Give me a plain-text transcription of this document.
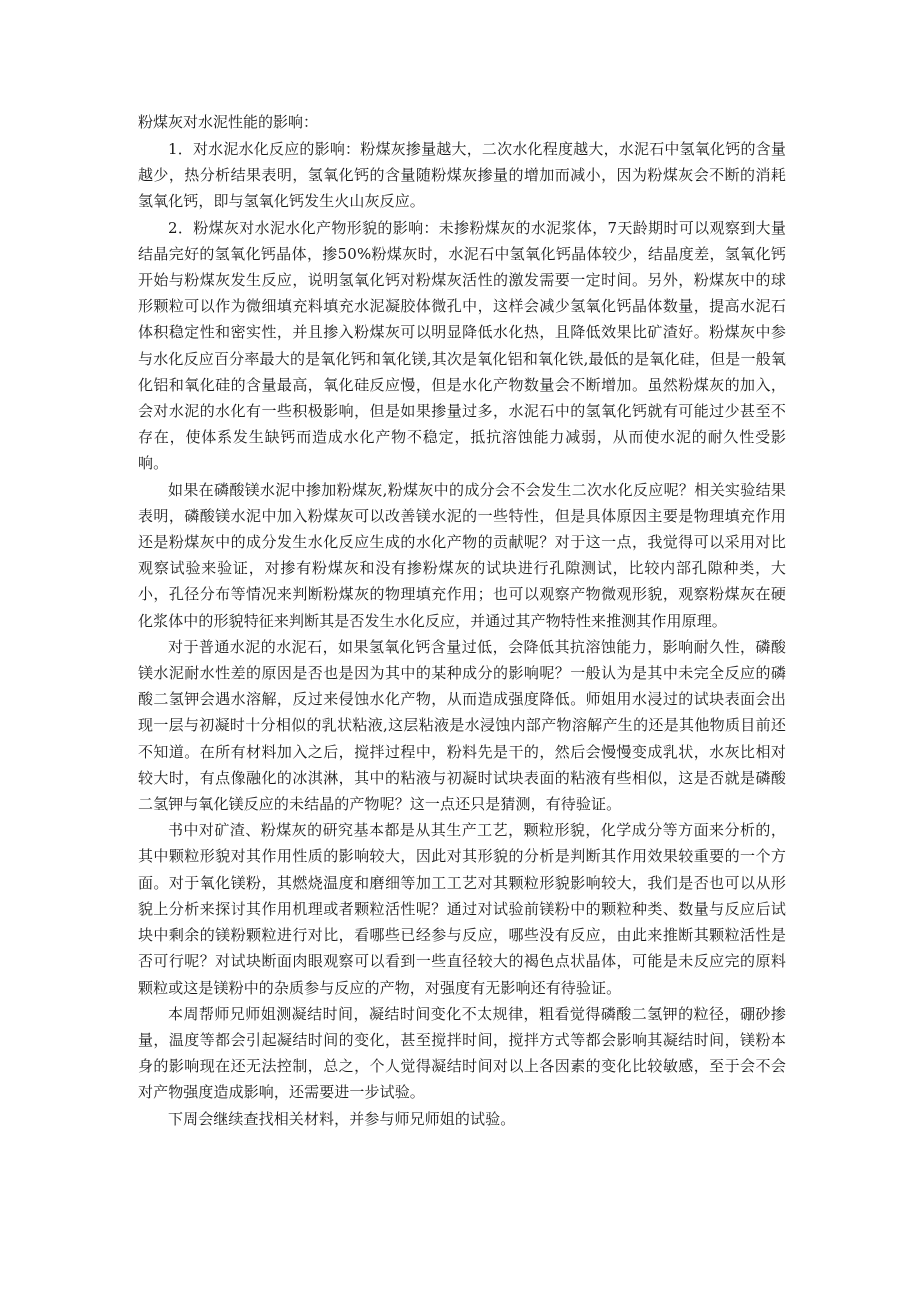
粉煤灰对水泥性能的影响：

1．对水泥水化反应的影响：粉煤灰掺量越大，二次水化程度越大，水泥石中氢氧化钙的含量越少，热分析结果表明，氢氧化钙的含量随粉煤灰掺量的增加而减小，因为粉煤灰会不断的消耗氢氧化钙，即与氢氧化钙发生火山灰反应。

2．粉煤灰对水泥水化产物形貌的影响：未掺粉煤灰的水泥浆体，7天龄期时可以观察到大量结晶完好的氢氧化钙晶体，掺50%粉煤灰时，水泥石中氢氧化钙晶体较少，结晶度差，氢氧化钙开始与粉煤灰发生反应，说明氢氧化钙对粉煤灰活性的激发需要一定时间。另外，粉煤灰中的球形颗粒可以作为微细填充料填充水泥凝胶体微孔中，这样会减少氢氧化钙晶体数量，提高水泥石体积稳定性和密实性，并且掺入粉煤灰可以明显降低水化热，且降低效果比矿渣好。粉煤灰中参与水化反应百分率最大的是氧化钙和氧化镁,其次是氧化铝和氧化铁,最低的是氧化硅，但是一般氧化铝和氧化硅的含量最高，氧化硅反应慢，但是水化产物数量会不断增加。虽然粉煤灰的加入，会对水泥的水化有一些积极影响，但是如果掺量过多，水泥石中的氢氧化钙就有可能过少甚至不存在，使体系发生缺钙而造成水化产物不稳定，抵抗溶蚀能力减弱，从而使水泥的耐久性受影响。

如果在磷酸镁水泥中掺加粉煤灰,粉煤灰中的成分会不会发生二次水化反应呢？相关实验结果表明，磷酸镁水泥中加入粉煤灰可以改善镁水泥的一些特性，但是具体原因主要是物理填充作用还是粉煤灰中的成分发生水化反应生成的水化产物的贡献呢？对于这一点，我觉得可以采用对比观察试验来验证，对掺有粉煤灰和没有掺粉煤灰的试块进行孔隙测试，比较内部孔隙种类，大小，孔径分布等情况来判断粉煤灰的物理填充作用；也可以观察产物微观形貌，观察粉煤灰在硬化浆体中的形貌特征来判断其是否发生水化反应，并通过其产物特性来推测其作用原理。

对于普通水泥的水泥石，如果氢氧化钙含量过低，会降低其抗溶蚀能力，影响耐久性，磷酸镁水泥耐水性差的原因是否也是因为其中的某种成分的影响呢？一般认为是其中未完全反应的磷酸二氢钾会遇水溶解，反过来侵蚀水化产物，从而造成强度降低。师姐用水浸过的试块表面会出现一层与初凝时十分相似的乳状粘液,这层粘液是水浸蚀内部产物溶解产生的还是其他物质目前还不知道。在所有材料加入之后，搅拌过程中，粉料先是干的，然后会慢慢变成乳状，水灰比相对较大时，有点像融化的冰淇淋，其中的粘液与初凝时试块表面的粘液有些相似，这是否就是磷酸二氢钾与氧化镁反应的未结晶的产物呢？这一点还只是猜测，有待验证。

书中对矿渣、粉煤灰的研究基本都是从其生产工艺，颗粒形貌，化学成分等方面来分析的，其中颗粒形貌对其作用性质的影响较大，因此对其形貌的分析是判断其作用效果较重要的一个方面。对于氧化镁粉，其燃烧温度和磨细等加工工艺对其颗粒形貌影响较大，我们是否也可以从形貌上分析来探讨其作用机理或者颗粒活性呢？通过对试验前镁粉中的颗粒种类、数量与反应后试块中剩余的镁粉颗粒进行对比，看哪些已经参与反应，哪些没有反应，由此来推断其颗粒活性是否可行呢？对试块断面肉眼观察可以看到一些直径较大的褐色点状晶体，可能是未反应完的原料颗粒或这是镁粉中的杂质参与反应的产物，对强度有无影响还有待验证。

本周帮师兄师姐测凝结时间，凝结时间变化不太规律，粗看觉得磷酸二氢钾的粒径，硼砂掺量，温度等都会引起凝结时间的变化，甚至搅拌时间，搅拌方式等都会影响其凝结时间，镁粉本身的影响现在还无法控制，总之，个人觉得凝结时间对以上各因素的变化比较敏感，至于会不会对产物强度造成影响，还需要进一步试验。

下周会继续查找相关材料，并参与师兄师姐的试验。
